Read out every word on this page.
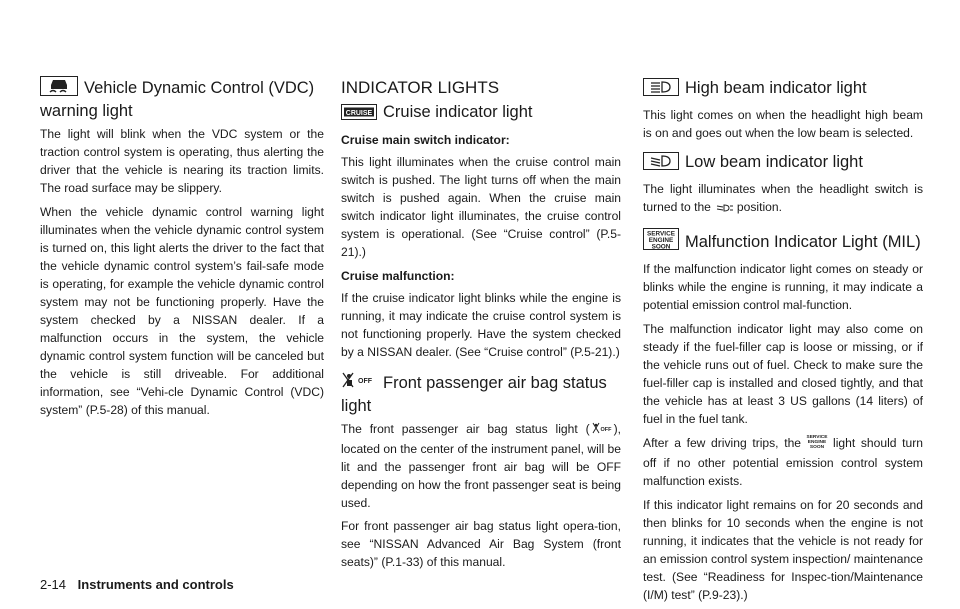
Vehicle Dynamic Control (VDC)
warning light

The light will blink when the VDC system or the traction control system is operating, thus alerting the driver that the vehicle is nearing its traction limits. The road surface may be slippery.

When the vehicle dynamic control warning light illuminates when the vehicle dynamic control system is turned on, this light alerts the driver to the fact that the vehicle dynamic control system’s fail-safe mode is operating, for example the vehicle dynamic control system may not be functioning properly. Have the system checked by a NISSAN dealer. If a malfunction occurs in the system, the vehicle dynamic control system function will be canceled but the vehicle is still driveable. For additional information, see “Vehi-cle Dynamic Control (VDC) system” (P.5-28) of this manual.

INDICATOR LIGHTS
CRUISE Cruise indicator light
Cruise main switch indicator:

This light illuminates when the cruise control main switch is pushed. The light turns off when the main switch is pushed again. When the cruise main switch indicator light illuminates, the cruise control system is operational. (See “Cruise control” (P.5-21).)

Cruise malfunction:

If the cruise indicator light blinks while the engine is running, it may indicate the cruise control system is not functioning properly. Have the system checked by a NISSAN dealer. (See “Cruise control” (P.5-21).)

OFF Front passenger air bag status light

The front passenger air bag status light ( OFF ), located on the center of the instrument panel, will be lit and the passenger front air bag will be OFF depending on how the front passenger seat is being used.

For front passenger air bag status light opera-tion, see “NISSAN Advanced Air Bag System (front seats)” (P.1-33) of this manual.

High beam indicator light

This light comes on when the headlight high beam is on and goes out when the low beam is selected.

Low beam indicator light

The light illuminates when the headlight switch is turned to the position.

SERVICE
ENGINE
SOON Malfunction Indicator Light (MIL)

If the malfunction indicator light comes on steady or blinks while the engine is running, it may indicate a potential emission control mal-function.

The malfunction indicator light may also come on steady if the fuel-filler cap is loose or missing, or if the vehicle runs out of fuel. Check to make sure the fuel-filler cap is installed and closed tightly, and that the vehicle has at least 3 US gallons (14 liters) of fuel in the fuel tank.

After a few driving trips, the SERVICE
ENGINE
SOON light should turn off if no other potential emission control system malfunction exists.

If this indicator light remains on for 20 seconds and then blinks for 10 seconds when the engine is not running, it indicates that the vehicle is not ready for an emission control system inspection/ maintenance test. (See “Readiness for Inspec-tion/Maintenance (I/M) test” (P.9-23).)

2-14 Instruments and controls
